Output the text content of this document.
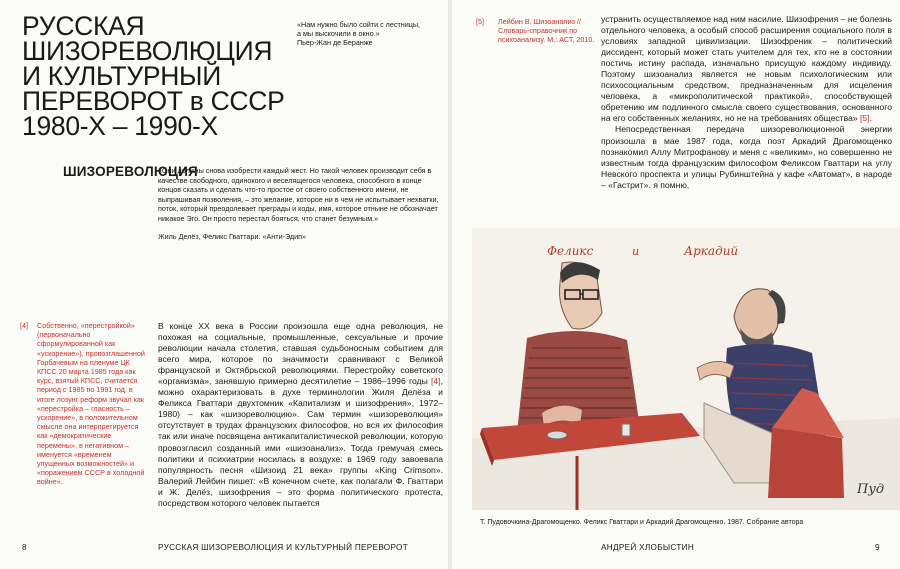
РУССКАЯ
ШИЗОРЕВОЛЮЦИЯ
И КУЛЬТУРНЫЙ
ПЕРЕВОРОТ в СССР
1980-Х – 1990-Х
«Нам нужно было сойти с лестницы,
а мы выскочили в окно.»
Пьер-Жан де Беранже
ШИЗОРЕВОЛЮЦИЯ

«Они должны снова изобрести каждый жест. Но такой человек производит себя в качестве свободного, одинокого и веселящегося человека, способного в конце концов сказать и сделать что-то простое от своего собственного имени, не выпрашивая позволения, – это желание, которое ни в чем не испытывает нехватки, поток, который преодолевает преграды и коды, имя, которое отныне не обозначает никакое Эго. Он просто перестал бояться, что станет безумным.»

Жиль Делёз, Феликс Гваттари. «Анти-Эдип»

[4] Собственно, «перестройкой» (первоначально сформулированной как «ускорение»), провозглашенной Горбачевым на пленуме ЦК КПСС 20 марта 1985 года как курс, взятый КПСС, считается период с 1985 по 1991 год, в итоге лозунг реформ звучал как «перестройка – гласность – ускорение», в положительном смысле она интерпретируется как «демократические перемены», в негативном – именуется «временем упущенных возможностей» и «поражением СССР в холодной войне».

В конце XX века в России произошла еще одна революция, не похожая на социальные, промышленные, сексуальные и прочие революции начала столетия, ставшая судьбоносным событием для всего мира, которое по значимости сравнивают с Великой французской и Октябрьской революциями. Перестройку советского «организма», занявшую примерно десятилетие – 1986–1996 годы [4], можно охарактеризовать в духе терминологии Жиля Делёза и Феликса Гваттари двухтомник «Капитализм и шизофрения», 1972–1980) – как «шизореволюцию». Сам термин «шизореволюция» отсутствует в трудах французских философов, но вся их философия так или иначе посвящена антикапиталистической революции, которую провозгласил созданный ими «шизоанализ». Тогда гремучая смесь политики и психиатрии носилась в воздухе: в 1969 году завоевала популярность песня «Шизоид 21 века» группы «King Crimson». Валерий Лейбин пишет: «В конечном счете, как полагали Ф. Гваттари и Ж. Делёз, шизофрения – это форма политического протеста, посредством которого человек пытается

8	РУССКАЯ ШИЗОРЕВОЛЮЦИЯ И КУЛЬТУРНЫЙ ПЕРЕВОРОТ
[5] Лейбин В. Шизоанализ // Словарь-справочник по психоанализу. М.: АСТ, 2010.

устранить осуществляемое над ним насилие. Шизофрения – не болезнь отдельного человека, а особый способ расширения социального поля в условиях западной цивилизации. Шизофреник – политический диссидент, который может стать учителем для тех, кто не в состоянии постичь истину распада, изначально присущую каждому индивиду. Поэтому шизоанализ является не новым психологическим или психосоциальным средством, предназначенным для исцеления человека, а «микрополитической практикой», способствующей обретению им подлинного смысла своего существования, основанного на его собственных желаниях, но не на требованиях общества» [5].

Непосредственная передача шизореволюционной энергии произошла в мае 1987 года, когда поэт Аркадий Драгомощенко познакомил Аллу Митрофанову и меня с «великим», но совершенно не известным тогда французским философом Феликсом Гваттари на углу Невского проспекта и улицы Рубинштейна у кафе «Автомат», в народе – «Гастрит». я помню,

Феликс	и	Аркадий
Пуд
Т. Пудовочкина-Драгомощенко. Феликс Гваттари и Аркадий Драгомощенко. 1987. Собрание автора
АНДРЕЙ ХЛОБЫСТИН	9
